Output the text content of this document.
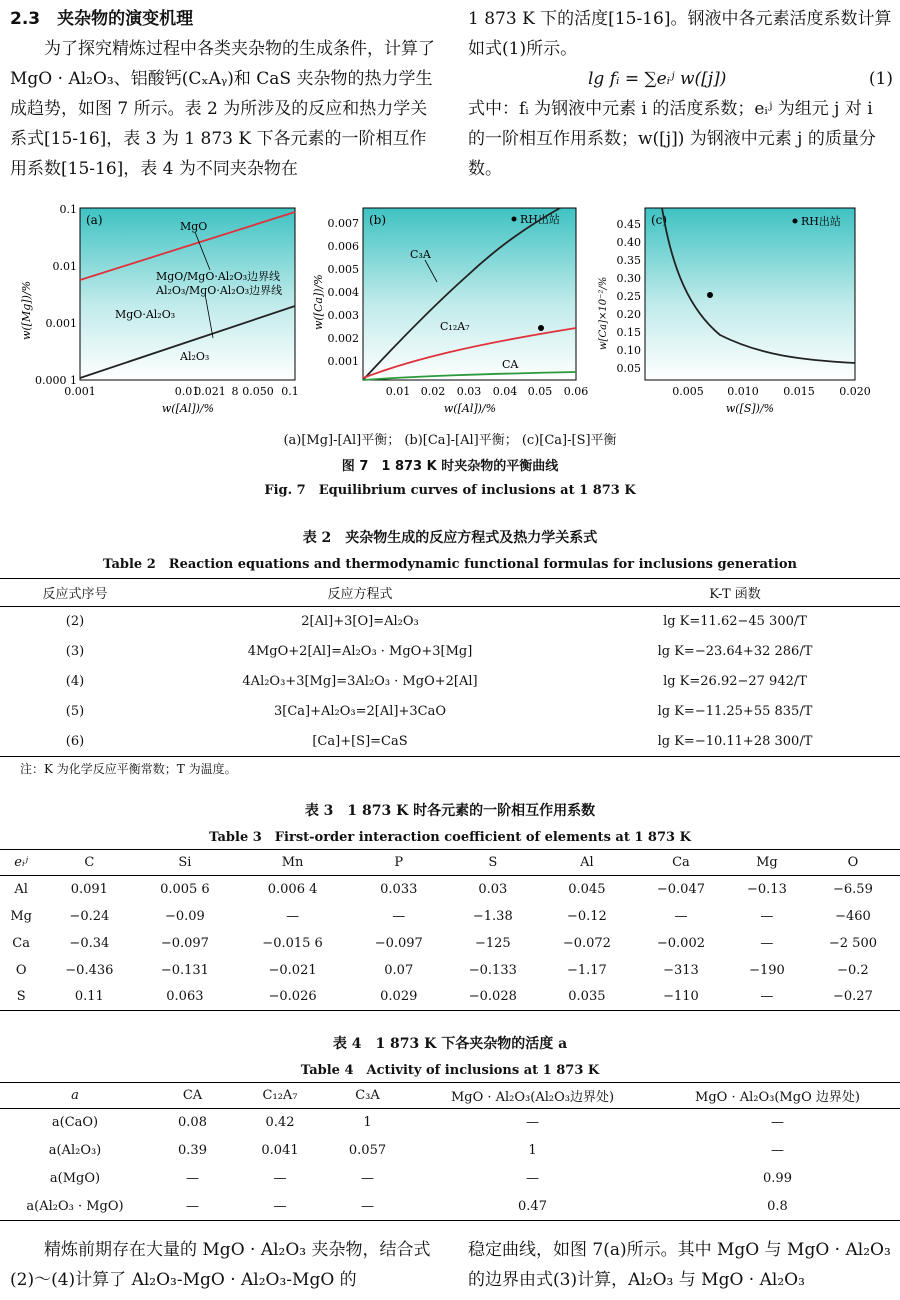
2.3　夹杂物的演变机理

为了探究精炼过程中各类夹杂物的生成条件，计算了 MgO · Al₂O₃、铝酸钙(CₓAᵧ)和 CaS 夹杂物的热力学生成趋势，如图 7 所示。表 2 为所涉及的反应和热力学关系式[15-16]，表 3 为 1 873 K 下各元素的一阶相互作用系数[15-16]，表 4 为不同夹杂物在

1 873 K 下的活度[15-16]。钢液中各元素活度系数计算如式(1)所示。

lg fᵢ = ∑eᵢʲ w([j])	(1)

式中：fᵢ 为钢液中元素 i 的活度系数；eᵢʲ 为组元 j 对 i 的一阶相互作用系数；w([j]) 为钢液中元素 j 的质量分数。

(a)
0.1
0.01
0.001
0.000 1
w([Mg])/%
0.001	0.01
0.021 8 0.050 0.1
w([Al])/%
MgO
MgO/MgO·Al₂O₃边界线
Al₂O₃/MgO·Al₂O₃边界线
MgO·Al₂O₃
Al₂O₃
(b)	RH出站
0.007
0.006
0.005
0.004
0.003
0.002
0.001
w([Ca])/%
0.01 0.02 0.03 0.04 0.05 0.06
w([Al])/%
C₃A
C₁₂A₇
CA
(c)	RH出站
0.45
0.40
0.35
0.30
0.25
0.20
0.15
0.10
0.05
w[Ca]×10⁻²/%
0.005 0.010 0.015 0.020
w([S])/%
(a)[Mg]-[Al]平衡； (b)[Ca]-[Al]平衡； (c)[Ca]-[S]平衡
图 7　1 873 K 时夹杂物的平衡曲线
Fig. 7　Equilibrium curves of inclusions at 1 873 K
表 2　夹杂物生成的反应方程式及热力学关系式
Table 2　Reaction equations and thermodynamic functional formulas for inclusions generation
反应式序号	反应方程式	K-T 函数
(2)	2[Al]+3[O]=Al₂O₃	lg K=11.62−45 300/T
(3)	4MgO+2[Al]=Al₂O₃ · MgO+3[Mg]	lg K=−23.64+32 286/T
(4)	4Al₂O₃+3[Mg]=3Al₂O₃ · MgO+2[Al]	lg K=26.92−27 942/T
(5)	3[Ca]+Al₂O₃=2[Al]+3CaO	lg K=−11.25+55 835/T
(6)	[Ca]+[S]=CaS	lg K=−10.11+28 300/T
注：K 为化学反应平衡常数；T 为温度。
表 3　1 873 K 时各元素的一阶相互作用系数
Table 3　First-order interaction coefficient of elements at 1 873 K
eᵢʲ	C	Si	Mn	P	S	Al	Ca	Mg	O
Al	0.091	0.005 6	0.006 4	0.033	0.03	0.045	−0.047	−0.13	−6.59
Mg	−0.24	−0.09	—	—	−1.38	−0.12	—	—	−460
Ca	−0.34	−0.097	−0.015 6	−0.097	−125	−0.072	−0.002	—	−2 500
O	−0.436	−0.131	−0.021	0.07	−0.133	−1.17	−313	−190	−0.2
S	0.11	0.063	−0.026	0.029	−0.028	0.035	−110	—	−0.27
表 4　1 873 K 下各夹杂物的活度 a
Table 4　Activity of inclusions at 1 873 K
a	CA	C₁₂A₇	C₃A	MgO · Al₂O₃(Al₂O₃边界处)	MgO · Al₂O₃(MgO 边界处)
a(CaO)	0.08	0.42	1	—	—
a(Al₂O₃)	0.39	0.041	0.057	1	—
a(MgO)	—	—	—	—	0.99
a(Al₂O₃ · MgO)	—	—	—	0.47	0.8
精炼前期存在大量的 MgO · Al₂O₃ 夹杂物，结合式(2)～(4)计算了 Al₂O₃-MgO · Al₂O₃-MgO 的
稳定曲线，如图 7(a)所示。其中 MgO 与 MgO · Al₂O₃ 的边界由式(3)计算，Al₂O₃ 与 MgO · Al₂O₃
